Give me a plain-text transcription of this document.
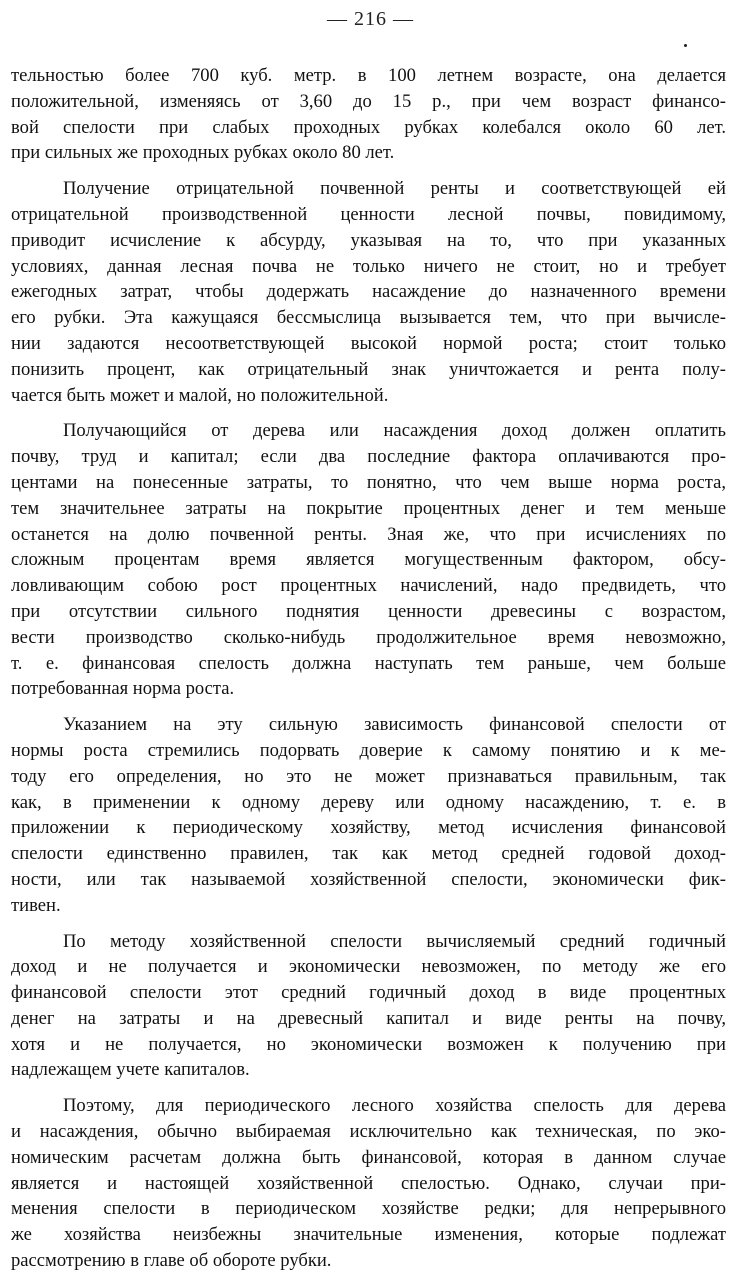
— 216 —
тельностью более 700 куб. метр. в 100 летнем возрасте, она делается
положительной, изменяясь от 3,60 до 15 р., при чем возраст финансо-
вой спелости при слабых проходных рубках колебался около 60 лет.
при сильных же проходных рубках около 80 лет.
Получение отрицательной почвенной ренты и соответствующей ей
отрицательной производственной ценности лесной почвы, повидимому,
приводит исчисление к абсурду, указывая на то, что при указанных
условиях, данная лесная почва не только ничего не стоит, но и требует
ежегодных затрат, чтобы додержать насаждение до назначенного времени
его рубки. Эта кажущаяся бессмыслица вызывается тем, что при вычисле-
нии задаются несоответствующей высокой нормой роста; стоит только
понизить процент, как отрицательный знак уничтожается и рента полу-
чается быть может и малой, но положительной.
Получающийся от дерева или насаждения доход должен оплатить
почву, труд и капитал; если два последние фактора оплачиваются про-
центами на понесенные затраты, то понятно, что чем выше норма роста,
тем значительнее затраты на покрытие процентных денег и тем меньше
останется на долю почвенной ренты. Зная же, что при исчислениях по
сложным процентам время является могущественным фактором, обсу-
ловливающим собою рост процентных начислений, надо предвидеть, что
при отсутствии сильного поднятия ценности древесины с возрастом,
вести производство сколько-нибудь продолжительное время невозможно,
т. е. финансовая спелость должна наступать тем раньше, чем больше
потребованная норма роста.
Указанием на эту сильную зависимость финансовой спелости от
нормы роста стремились подорвать доверие к самому понятию и к ме-
тоду его определения, но это не может признаваться правильным, так
как, в применении к одному дереву или одному насаждению, т. е. в
приложении к периодическому хозяйству, метод исчисления финансовой
спелости единственно правилен, так как метод средней годовой доход-
ности, или так называемой хозяйственной спелости, экономически фик-
тивен.
По методу хозяйственной спелости вычисляемый средний годичный
доход и не получается и экономически невозможен, по методу же его
финансовой спелости этот средний годичный доход в виде процентных
денег на затраты и на древесный капитал и виде ренты на почву,
хотя и не получается, но экономически возможен к получению при
надлежащем учете капиталов.
Поэтому, для периодического лесного хозяйства спелость для дерева
и насаждения, обычно выбираемая исключительно как техническая, по эко-
номическим расчетам должна быть финансовой, которая в данном случае
является и настоящей хозяйственной спелостью. Однако, случаи при-
менения спелости в периодическом хозяйстве редки; для непрерывного
же хозяйства неизбежны значительные изменения, которые подлежат
рассмотрению в главе об обороте рубки.
